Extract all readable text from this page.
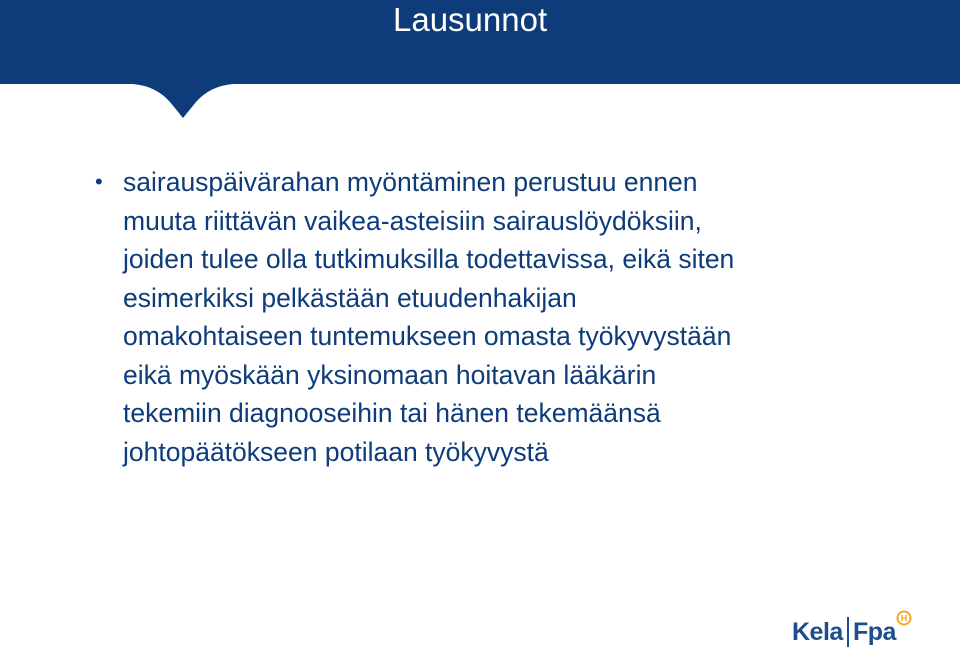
Lausunnot
• sairauspäivärahan myöntäminen perustuu ennen
muuta riittävän vaikea-asteisiin sairauslöydöksiin,
joiden tulee olla tutkimuksilla todettavissa, eikä siten
esimerkiksi pelkästään etuudenhakijan
omakohtaiseen tuntemukseen omasta työkyvystään
eikä myöskään yksinomaan hoitavan lääkärin
tekemiin diagnooseihin tai hänen tekemäänsä
johtopäätökseen potilaan työkyvystä

Kela Fpa H
